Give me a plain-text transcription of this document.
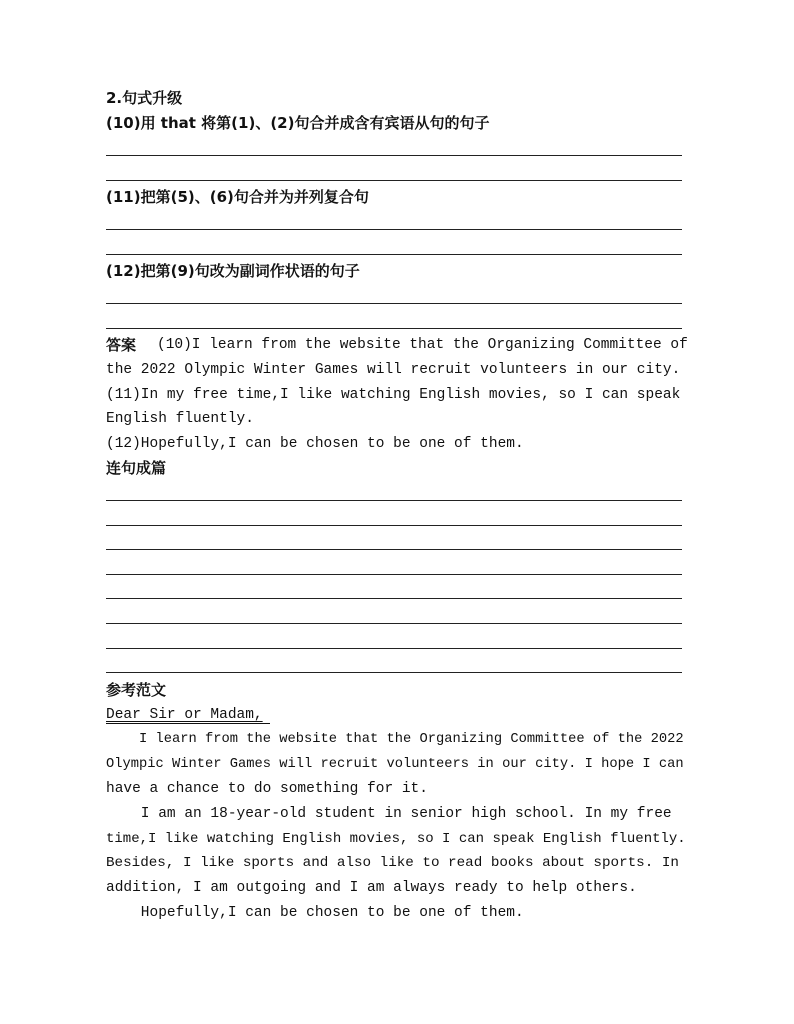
2.句式升级
(10)用 that 将第(1)、(2)句合并成含有宾语从句的句子
(11)把第(5)、(6)句合并为并列复合句
(12)把第(9)句改为副词作状语的句子
答案 (10)I learn from the website that the Organizing Committee of
the 2022 Olympic Winter Games will recruit volunteers in our city.
(11)In my free time,I like watching English movies, so I can speak
English fluently.
(12)Hopefully,I can be chosen to be one of them.
连句成篇
参考范文
Dear Sir or Madam,
I learn from the website that the Organizing Committee of the 2022
Olympic Winter Games will recruit volunteers in our city. I hope I can
have a chance to do something for it.
I am an 18-year-old student in senior high school. In my free
time,I like watching English movies, so I can speak English fluently.
Besides, I like sports and also like to read books about sports. In
addition, I am outgoing and I am always ready to help others.
Hopefully,I can be chosen to be one of them.
